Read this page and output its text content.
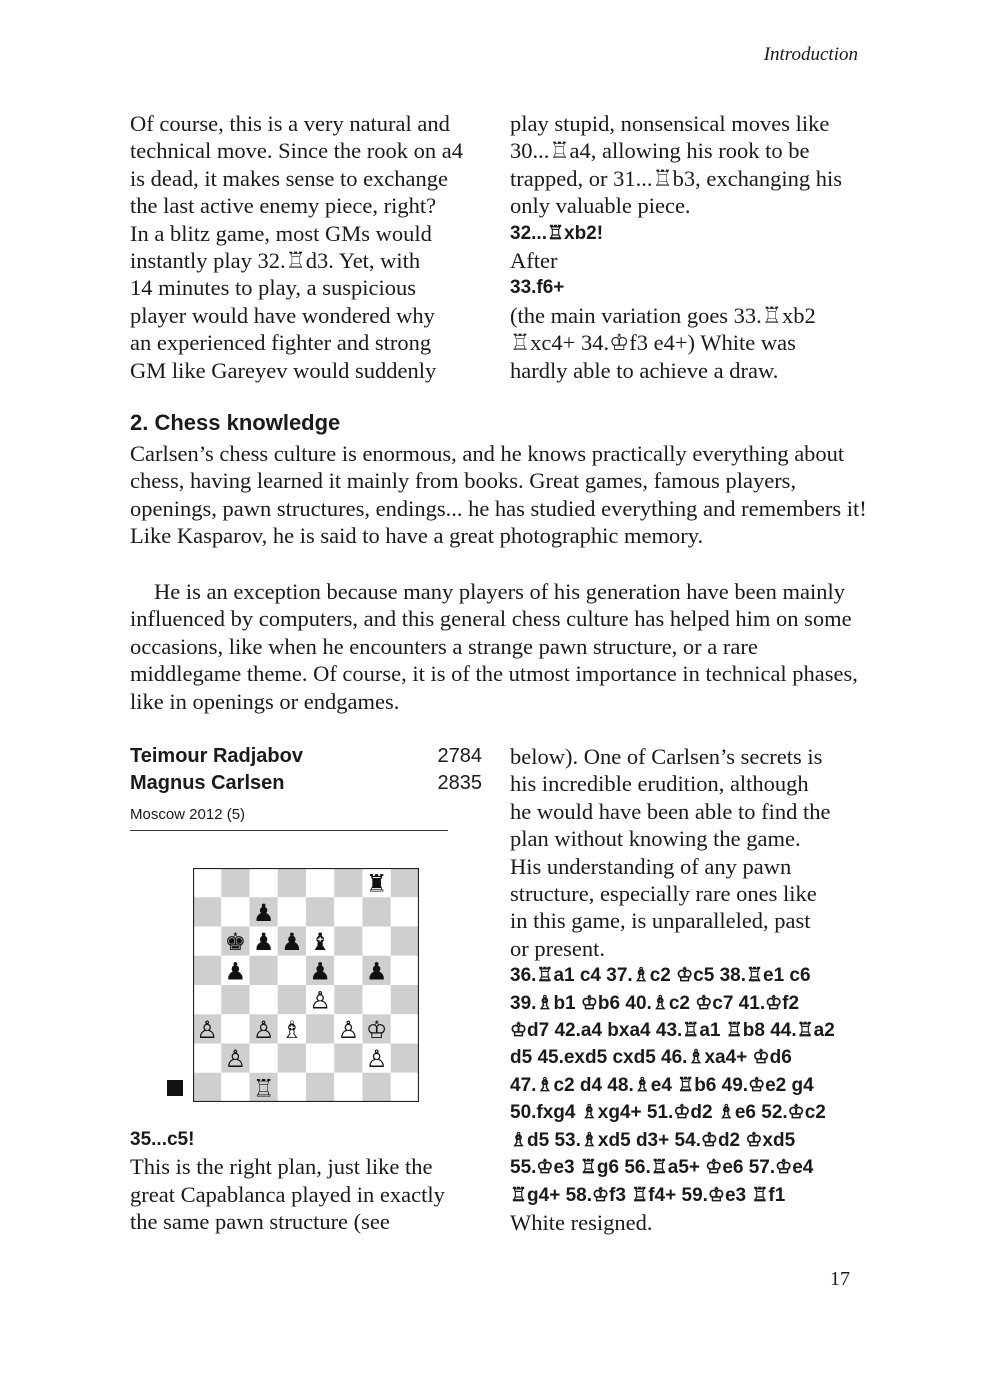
Introduction

Of course, this is a very natural and

technical move. Since the rook on a4

is dead, it makes sense to exchange

the last active enemy piece, right?

In a blitz game, most GMs would

instantly play 32.♖d3. Yet, with

14 minutes to play, a suspicious

player would have wondered why

an experienced fighter and strong

GM like Gareyev would suddenly

play stupid, nonsensical moves like

30...♖a4, allowing his rook to be

trapped, or 31...♖b3, exchanging his

only valuable piece.

32...♖xb2!

After

33.f6+

(the main variation goes 33.♖xb2

♖xc4+ 34.♔f3 e4+) White was

hardly able to achieve a draw.

2. Chess knowledge

Carlsen’s chess culture is enormous, and he knows practically everything about chess, having learned it mainly from books. Great games, famous players, openings, pawn structures, endings... he has studied everything and remembers it! Like Kasparov, he is said to have a great photographic memory.

He is an exception because many players of his generation have been mainly influenced by computers, and this general chess culture has helped him on some occasions, like when he encounters a strange pawn structure, or a rare middlegame theme. Of course, it is of the utmost importance in technical phases, like in openings or endgames.

Teimour Radjabov	2784
Magnus Carlsen	2835
Moscow 2012 (5)
♜
♟
♚ ♟ ♟ ♝
♟	♟ ♟
♙
♙ ♙ ♗ ♙ ♔
♙	♙
♖

35...c5!

This is the right plan, just like the

great Capablanca played in exactly

the same pawn structure (see

below). One of Carlsen’s secrets is

his incredible erudition, although

he would have been able to find the

plan without knowing the game.

His understanding of any pawn

structure, especially rare ones like

in this game, is unparalleled, past

or present.

36.♖a1 c4 37.♗c2 ♔c5 38.♖e1 c6

39.♗b1 ♔b6 40.♗c2 ♔c7 41.♔f2

♔d7 42.a4 bxa4 43.♖a1 ♖b8 44.♖a2

d5 45.exd5 cxd5 46.♗xa4+ ♔d6

47.♗c2 d4 48.♗e4 ♖b6 49.♔e2 g4

50.fxg4 ♗xg4+ 51.♔d2 ♗e6 52.♔c2

♗d5 53.♗xd5 d3+ 54.♔d2 ♔xd5

55.♔e3 ♖g6 56.♖a5+ ♔e6 57.♔e4

♖g4+ 58.♔f3 ♖f4+ 59.♔e3 ♖f1

White resigned.

17
